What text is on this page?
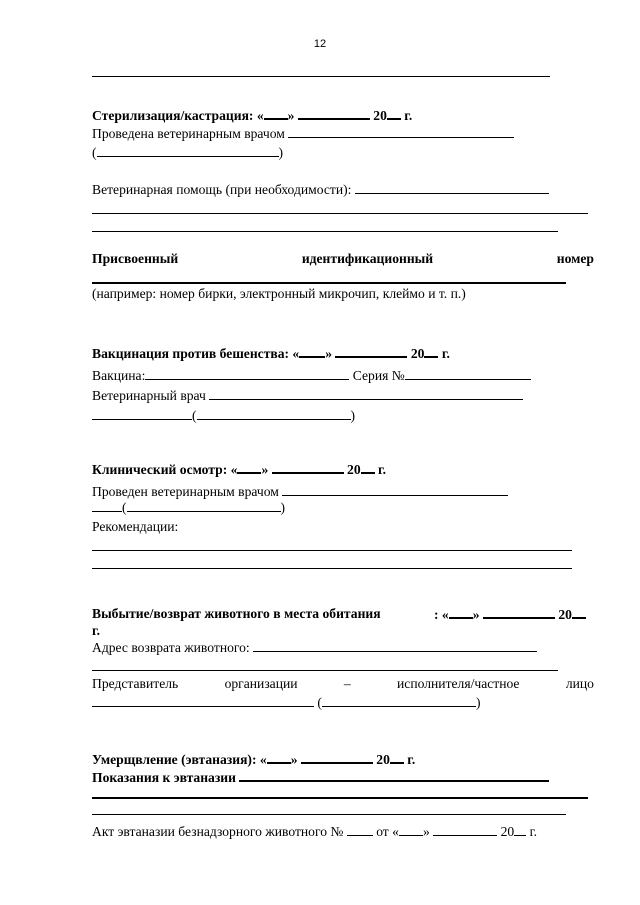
12
Стерилизация/кастрация: « »	20 г.
Проведена ветеринарным врачом
(	)
Ветеринарная помощь (при необходимости):
Присвоенный	идентификационный	номер
(например: номер бирки, электронный микрочип, клеймо и т. п.)
Вакцинация против бешенства: « »	20 г.
Вакцина:	Серия №
Ветеринарный врач
(	)
Клинический осмотр: « »	20 г.
Проведен ветеринарным врачом
(	)
Рекомендации:
Выбытие/возврат животного в места обитания	: « »	20
г.
Адрес возврата животного:
Представитель	организации	–	исполнителя/частное	лицо
(	)
Умерщвление (эвтаназия): « »	20 г.
Показания к эвтаназии
Акт эвтаназии безнадзорного животного № от « »	20 г.
